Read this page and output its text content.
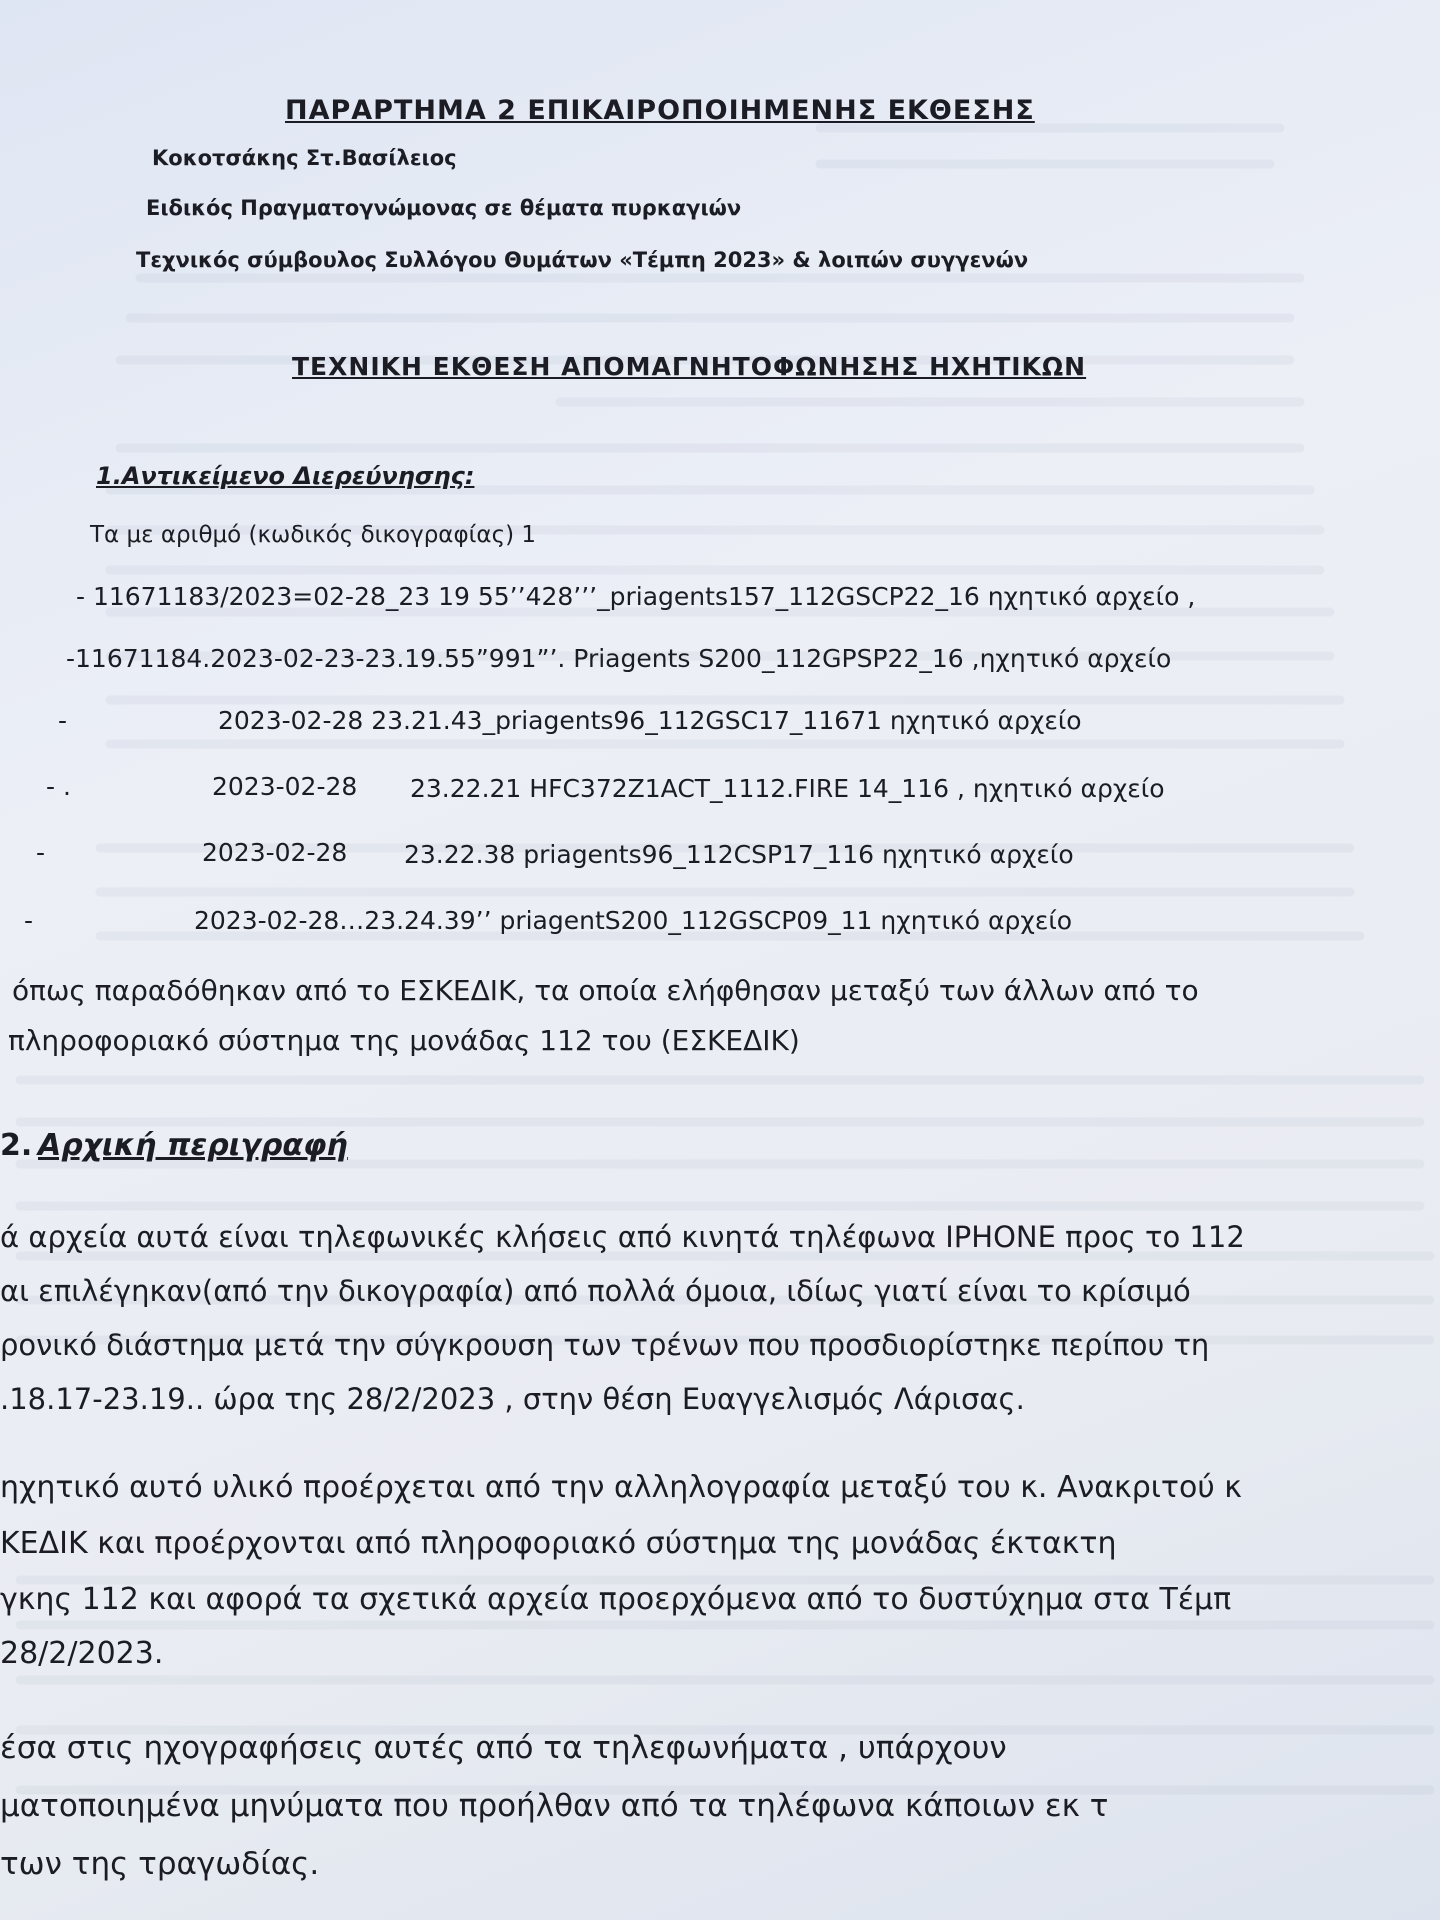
ΠΑΡΑΡΤΗΜΑ 2 ΕΠΙΚΑΙΡΟΠΟΙΗΜΕΝΗΣ ΕΚΘΕΣΗΣ
Κοκοτσάκης Στ.Βασίλειος
Ειδικός Πραγματογνώμονας σε θέματα πυρκαγιών
Τεχνικός σύμβουλος Συλλόγου Θυμάτων «Τέμπη 2023» & λοιπών συγγενών
ΤΕΧΝΙΚΗ ΕΚΘΕΣΗ ΑΠΟΜΑΓΝΗΤΟΦΩΝΗΣΗΣ ΗΧΗΤΙΚΩΝ
1.Αντικείμενο Διερεύνησης:
Τα με αριθμό (κωδικός δικογραφίας) 1
- 11671183/2023=02-28_23 19 55’’428’’’_priagents157_112GSCP22_16 ηχητικό αρχείο ,
-11671184.2023-02-23-23.19.55”991”’. Priagents S200_112GPSP22_16 ,ηχητικό αρχείο
-	2023-02-28 23.21.43_priagents96_112GSC17_11671 ηχητικό αρχείο
- .	2023-02-28 23.22.21 HFC372Z1ACT_1112.FIRE 14_116 , ηχητικό αρχείο
-	2023-02-28 23.22.38 priagents96_112CSP17_116 ηχητικό αρχείο
-	2023-02-28…23.24.39’’ priagentS200_112GSCP09_11 ηχητικό αρχείο
όπως παραδόθηκαν από το ΕΣΚΕΔΙΚ, τα οποία ελήφθησαν μεταξύ των άλλων από το
πληροφοριακό σύστημα της μονάδας 112 του (ΕΣΚΕΔΙΚ)
2. Αρχική περιγραφή
ά αρχεία αυτά είναι τηλεφωνικές κλήσεις από κινητά τηλέφωνα IPHONE προς το 112
αι επιλέγηκαν(από την δικογραφία) από πολλά όμοια, ιδίως γιατί είναι το κρίσιμό
ρονικό διάστημα μετά την σύγκρουση των τρένων που προσδιορίστηκε περίπου τη
.18.17-23.19.. ώρα της 28/2/2023 , στην θέση Ευαγγελισμός Λάρισας.
ηχητικό αυτό υλικό προέρχεται από την αλληλογραφία μεταξύ του κ. Ανακριτού κ
ΚΕΔΙΚ και προέρχονται από πληροφοριακό σύστημα της μονάδας έκτακτη
γκης 112 και αφορά τα σχετικά αρχεία προερχόμενα από το δυστύχημα στα Τέμπ
28/2/2023.
έσα στις ηχογραφήσεις αυτές από τα τηλεφωνήματα , υπάρχουν
ματοποιημένα μηνύματα που προήλθαν από τα τηλέφωνα κάποιων εκ τ
των της τραγωδίας.
